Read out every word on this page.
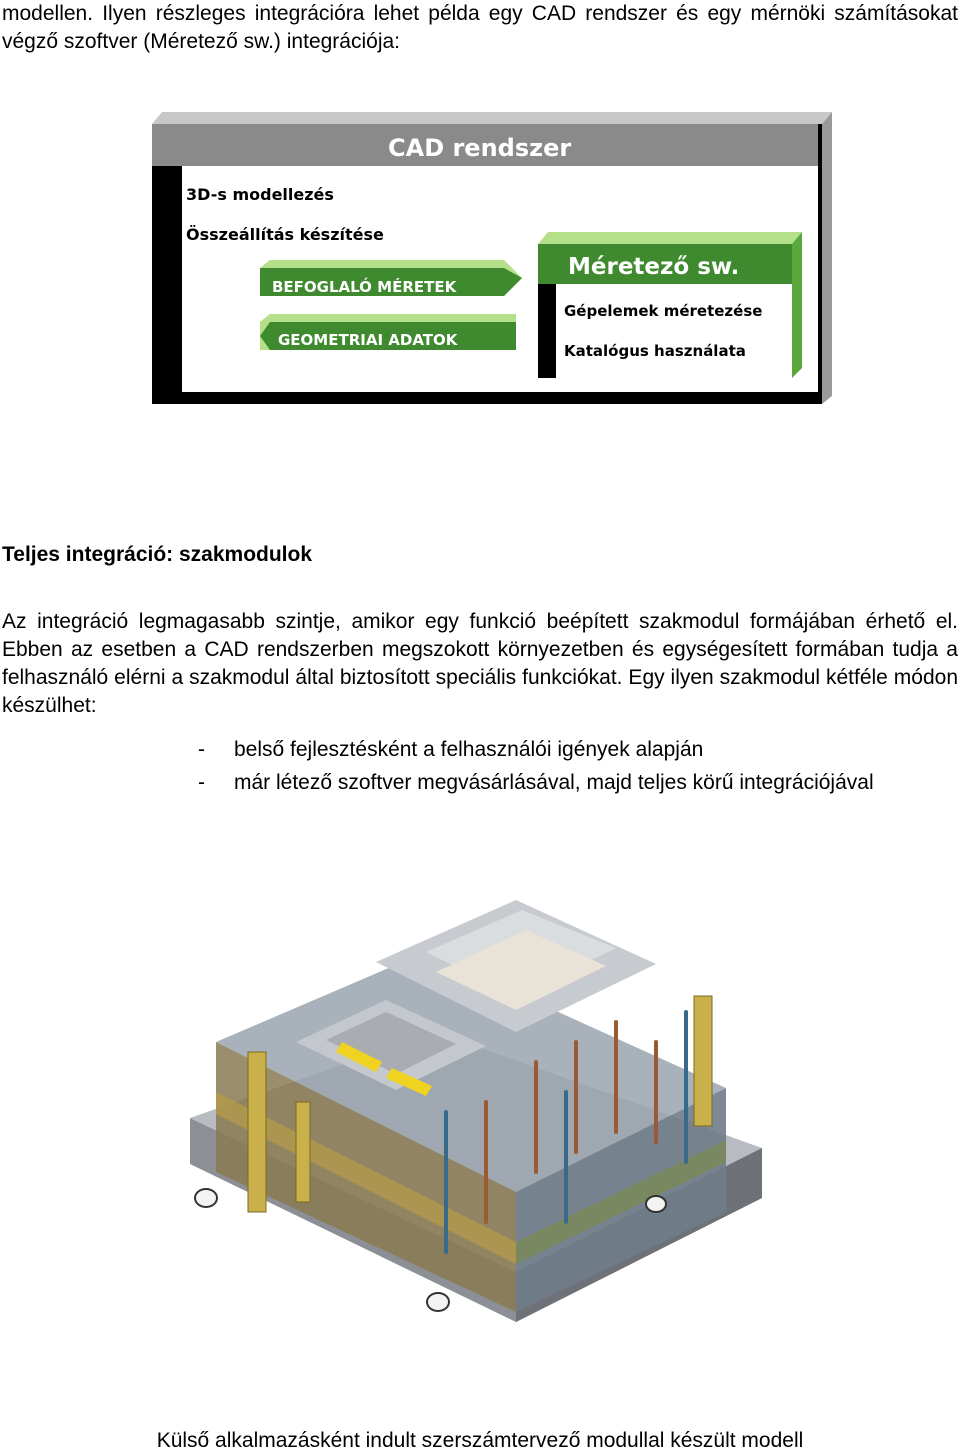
modellen. Ilyen részleges integrációra lehet példa egy CAD rendszer és egy mérnöki számításokat végző szoftver (Méretező sw.) integrációja:

CAD rendszer

3D-s modellezés

Összeállítás készítése

BEFOGLALÓ MÉRETEK

GEOMETRIAI ADATOK

Méretező sw.

Gépelemek méretezése

Katalógus használata

Teljes integráció: szakmodulok

Az integráció legmagasabb szintje, amikor egy funkció beépített szakmodul formájában érhető el. Ebben az esetben a CAD rendszerben megszokott környezetben és egységesített formában tudja a felhasználó elérni a szakmodul által biztosított speciális funkciókat. Egy ilyen szakmodul kétféle módon készülhet:

- belső fejlesztésként a felhasználói igények alapján

- már létező szoftver megvásárlásával, majd teljes körű integrációjával

Külső alkalmazásként indult szerszámtervező modullal készült modell
